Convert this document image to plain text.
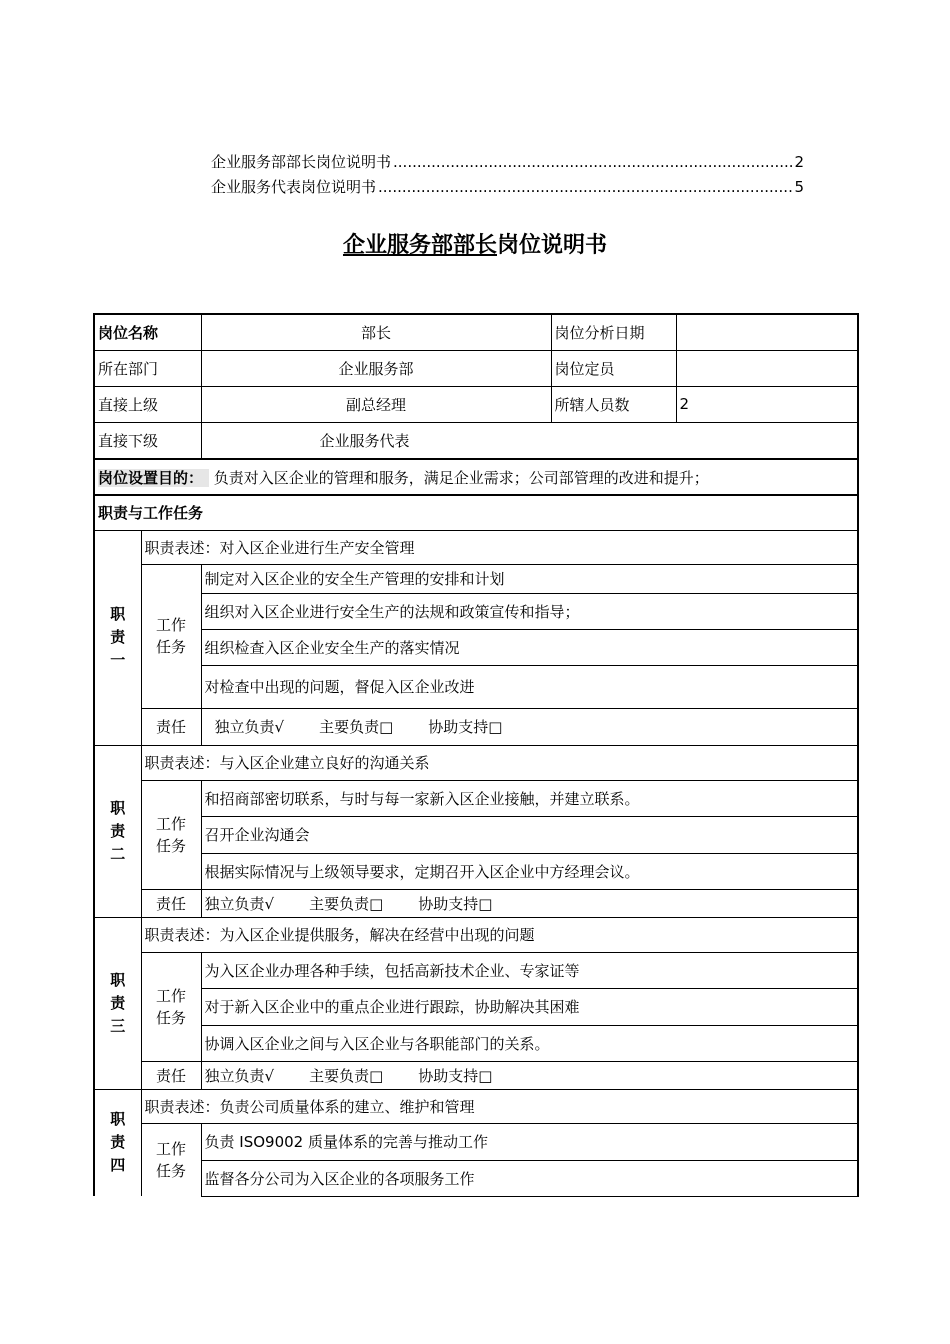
企业服务部部长岗位说明书 .....	2
企业服务代表岗位说明书 .....	5
企业服务部部长岗位说明书
岗位名称		部长	岗位分析日期	
所在部门		企业服务部	岗位定员	
直接上级		副总经理	所辖人员数	2
直接下级		企业服务代表		
岗位设置目的： 负责对入区企业的管理和服务，满足企业需求；公司部管理的改进和提升；				
职责与工作任务				
职责一	职责表述：对入区企业进行生产安全管理			
	工作任务	制定对入区企业的安全生产管理的安排和计划		
		组织对入区企业进行安全生产的法规和政策宣传和指导；		
		组织检查入区企业安全生产的落实情况		
		对检查中出现的问题，督促入区企业改进		
	责任	独立负责√ 主要负责□ 协助支持□		
职责二	职责表述：与入区企业建立良好的沟通关系			
	工作任务	和招商部密切联系，与时与每一家新入区企业接触，并建立联系。		
		召开企业沟通会		
		根据实际情况与上级领导要求，定期召开入区企业中方经理会议。		
	责任	独立负责√ 主要负责□ 协助支持□		
职责三	职责表述：为入区企业提供服务，解决在经营中出现的问题			
	工作任务	为入区企业办理各种手续，包括高新技术企业、专家证等		
		对于新入区企业中的重点企业进行跟踪，协助解决其困难		
		协调入区企业之间与入区企业与各职能部门的关系。		
	责任	独立负责√ 主要负责□ 协助支持□		
职责四	职责表述：负责公司质量体系的建立、维护和管理			
	工作任务	负责 ISO9002 质量体系的完善与推动工作		
		监督各分公司为入区企业的各项服务工作		
